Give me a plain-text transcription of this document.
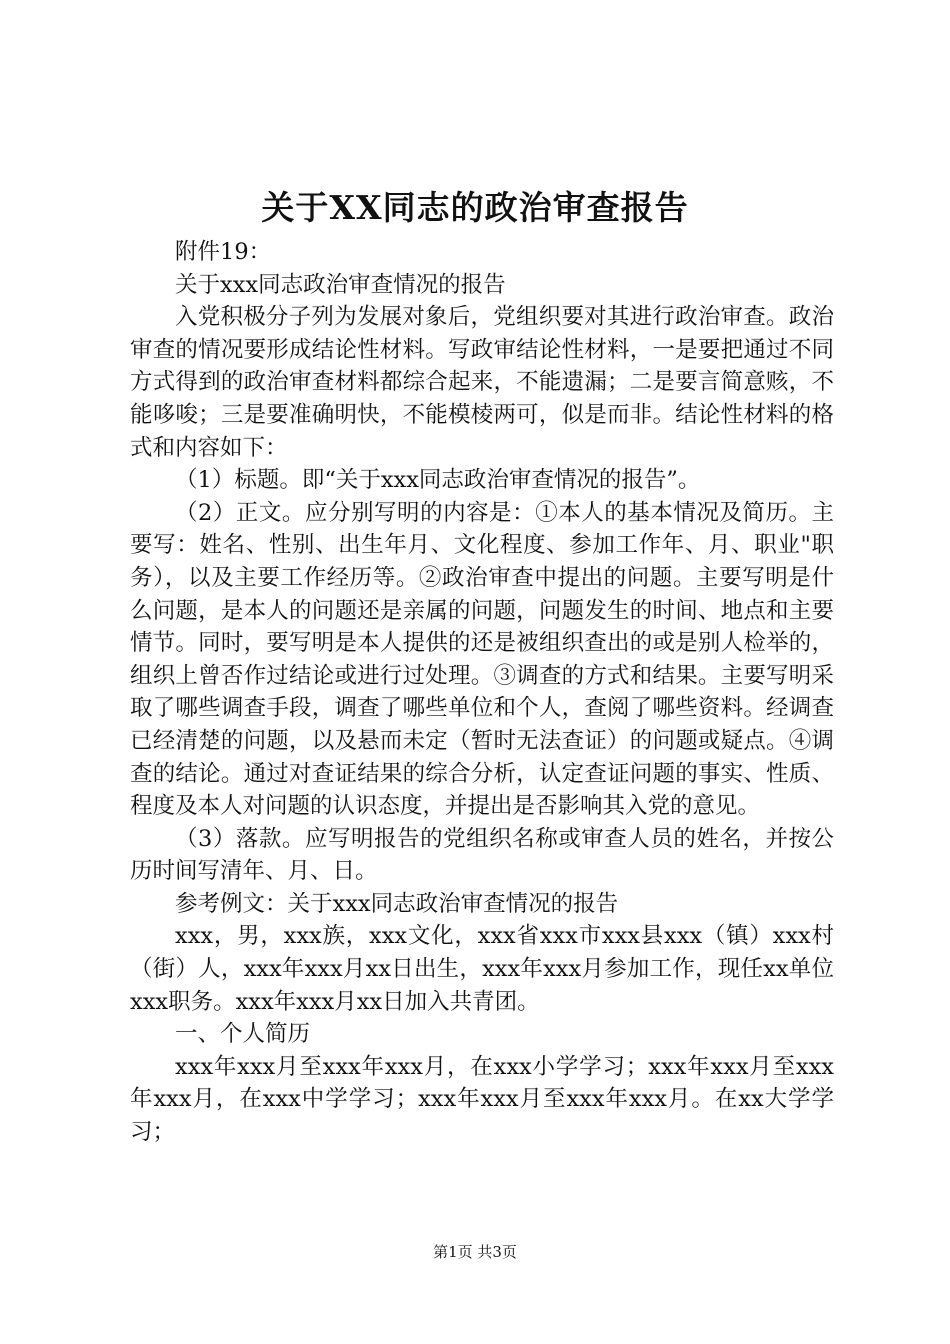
关于XX同志的政治审查报告

附件19：

关于xxx同志政治审查情况的报告

入党积极分子列为发展对象后，党组织要对其进行政治审查。政治审查的情况要形成结论性材料。写政审结论性材料，一是要把通过不同方式得到的政治审查材料都综合起来，不能遗漏；二是要言简意赅，不能哆唆；三是要准确明快，不能模棱两可，似是而非。结论性材料的格式和内容如下：

（1）标题。即“关于xxx同志政治审查情况的报告”。

（2）正文。应分别写明的内容是：①本人的基本情况及简历。主要写：姓名、性别、出生年月、文化程度、参加工作年、月、职业"职务），以及主要工作经历等。②政治审查中提出的问题。主要写明是什么问题，是本人的问题还是亲属的问题，问题发生的时间、地点和主要情节。同时，要写明是本人提供的还是被组织查出的或是别人检举的，组织上曾否作过结论或进行过处理。③调查的方式和结果。主要写明采取了哪些调查手段，调查了哪些单位和个人，查阅了哪些资料。经调查已经清楚的问题，以及悬而未定（暂时无法查证）的问题或疑点。④调查的结论。通过对查证结果的综合分析，认定查证问题的事实、性质、程度及本人对问题的认识态度，并提出是否影响其入党的意见。

（3）落款。应写明报告的党组织名称或审查人员的姓名，并按公历时间写清年、月、日。

参考例文：关于xxx同志政治审查情况的报告

xxx，男，xxx族，xxx文化，xxx省xxx市xxx县xxx（镇）xxx村（街）人，xxx年xxx月xx日出生，xxx年xxx月参加工作，现任xx单位xxx职务。xxx年xxx月xx日加入共青团。

一、个人简历

xxx年xxx月至xxx年xxx月，在xxx小学学习；xxx年xxx月至xxx年xxx月，在xxx中学学习；xxx年xxx月至xxx年xxx月。在xx大学学习；

第1页 共3页
